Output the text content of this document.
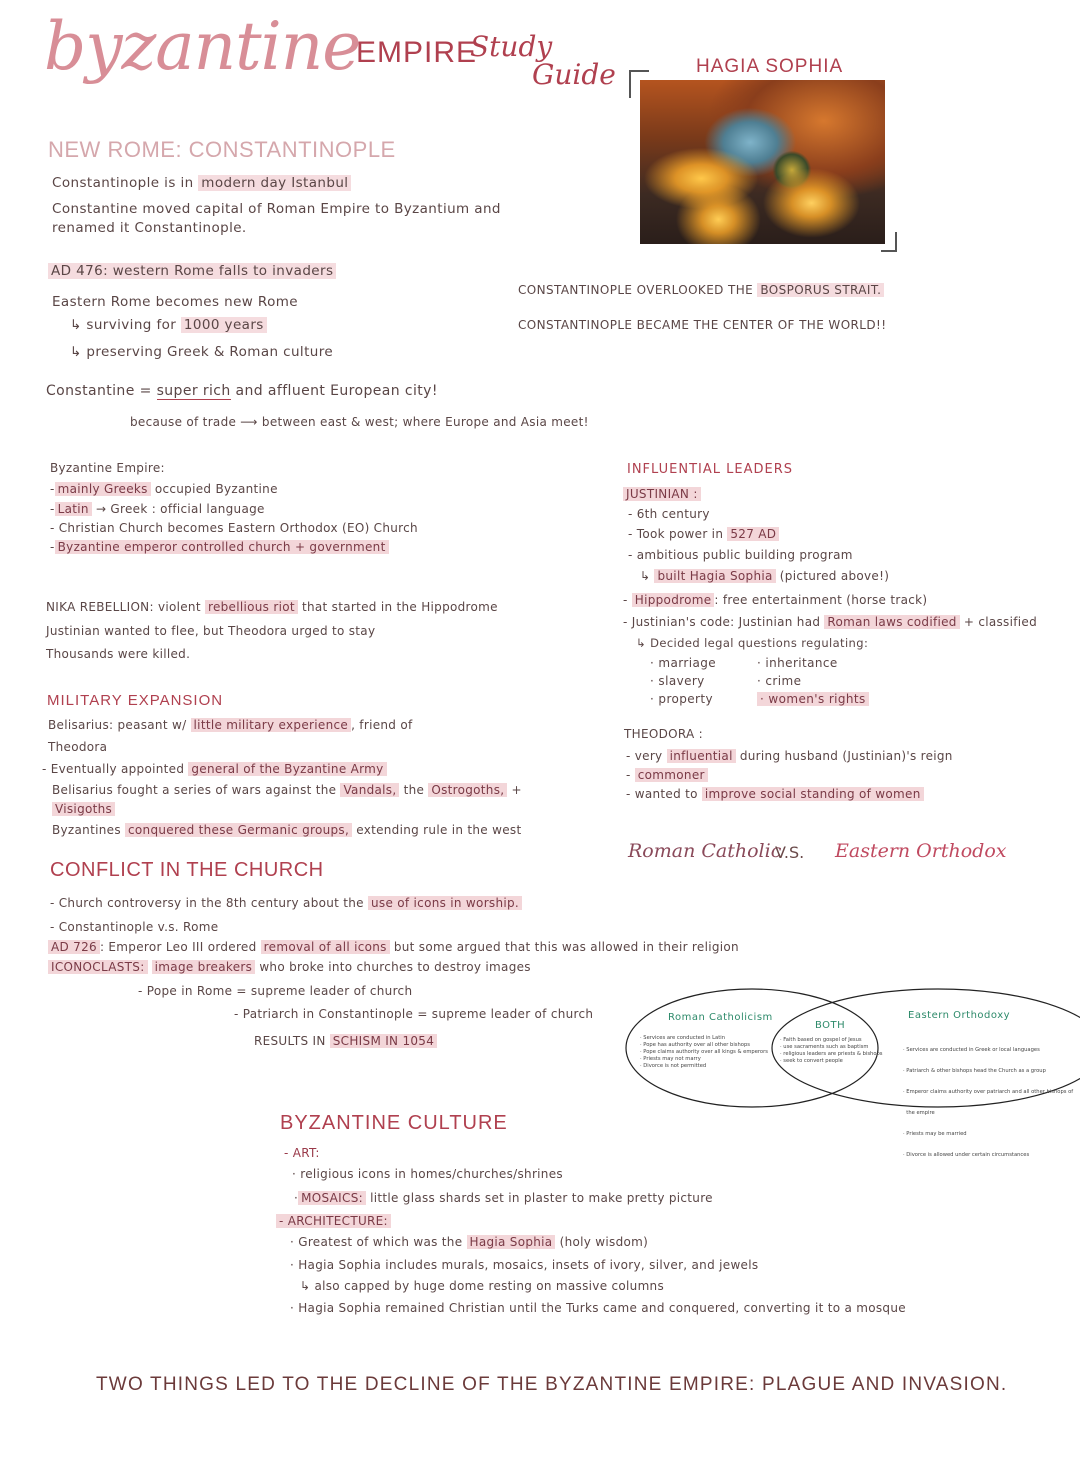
byzantine
EMPIRE
Study
Guide	HAGIA SOPHIA
NEW ROME: CONSTANTINOPLE
Constantinople is in modern day Istanbul
Constantine moved capital of Roman Empire to Byzantium and
renamed it Constantinople.
AD 476: western Rome falls to invaders
Eastern Rome becomes new Rome
↳ surviving for 1000 years
↳ preserving Greek & Roman culture
CONSTANTINOPLE OVERLOOKED THE BOSPORUS STRAIT.
CONSTANTINOPLE BECAME THE CENTER OF THE WORLD!!
Constantine = super rich and affluent European city!
because of trade ⟶ between east & west; where Europe and Asia meet!
Byzantine Empire:
- mainly Greeks occupied Byzantine
- Latin → Greek : official language
- Christian Church becomes Eastern Orthodox (EO) Church
- Byzantine emperor controlled church + government
NIKA REBELLION: violent rebellious riot that started in the Hippodrome
Justinian wanted to flee, but Theodora urged to stay
Thousands were killed.
MILITARY EXPANSION
Belisarius: peasant w/ little military experience , friend of
Theodora
- Eventually appointed general of the Byzantine Army
Belisarius fought a series of wars against the Vandals, the Ostrogoths, +
Visigoths
Byzantines conquered these Germanic groups, extending rule in the west
INFLUENTIAL LEADERS
JUSTINIAN :
- 6th century
- Took power in 527 AD
- ambitious public building program
↳ built Hagia Sophia (pictured above!)
- Hippodrome : free entertainment (horse track)
- Justinian's code: Justinian had Roman laws codified + classified
↳ Decided legal questions regulating:
· marriage
· slavery
· property
· inheritance
· crime
· women's rights
THEODORA :
- very influential during husband (Justinian)'s reign
- commoner
- wanted to improve social standing of women
Roman Catholic
V.S. Eastern Orthodox
CONFLICT IN THE CHURCH
- Church controversy in the 8th century about the use of icons in worship.
- Constantinople v.s. Rome
AD 726 : Emperor Leo III ordered removal of all icons but some argued that this was allowed in their religion
ICONOCLASTS: image breakers who broke into churches to destroy images
- Pope in Rome = supreme leader of church
- Patriarch in Constantinople = supreme leader of church
RESULTS IN SCHISM IN 1054
Roman Catholicism
· Services are conducted in Latin
· Pope has authority over all other bishops
· Pope claims authority over all kings & emperors
· Priests may not marry
· Divorce is not permitted
BOTH
· Faith based on gospel of Jesus
· use sacraments such as baptism
· religious leaders are priests & bishops
· seek to convert people
Eastern Orthodoxy

· Services are conducted in Greek or local languages

· Patriarch & other bishops head the Church as a group

· Emperor claims authority over patriarch and all other bishops of

the empire

· Priests may be married

· Divorce is allowed under certain circumstances

BYZANTINE CULTURE
- ART:
· religious icons in homes/churches/shrines
· MOSAICS: little glass shards set in plaster to make pretty picture
- ARCHITECTURE:
· Greatest of which was the Hagia Sophia (holy wisdom)
· Hagia Sophia includes murals, mosaics, insets of ivory, silver, and jewels
↳ also capped by huge dome resting on massive columns
· Hagia Sophia remained Christian until the Turks came and conquered, converting it to a mosque
TWO THINGS LED TO THE DECLINE OF THE BYZANTINE EMPIRE: PLAGUE AND INVASION.
